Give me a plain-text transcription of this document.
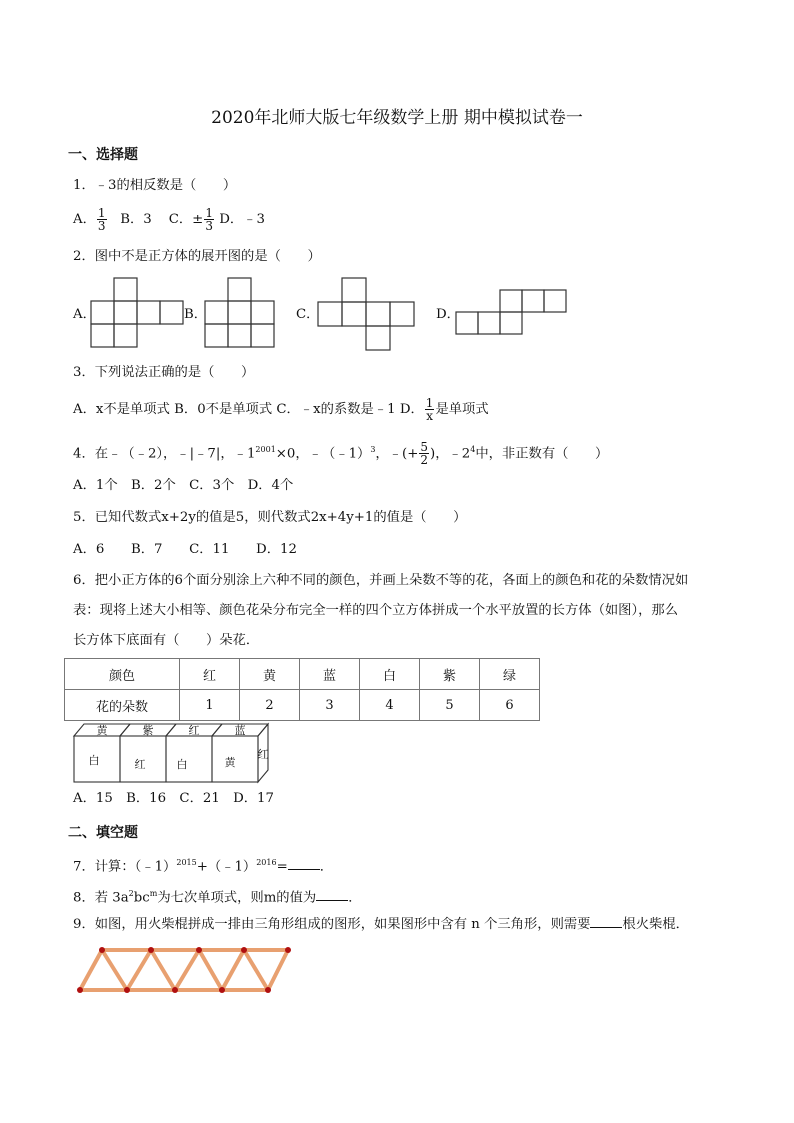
2020年北师大版七年级数学上册 期中模拟试卷一
一、选择题
1．﹣3的相反数是（　　）
A． $\frac{1}{3}$ B．3 C．± $\frac{1}{3}$ D．﹣3
2．图中不是正方体的展开图的是（　　）
A．	B．	C．	D．
3．下列说法正确的是（　　）
A．x不是单项式 B．0不是单项式 C．﹣x的系数是﹣1 D． $\frac{1}{x}$ 是单项式
4．在﹣（﹣2），﹣|﹣7|，$﹣1^{2001}\times 0$，﹣（﹣1）$^3$，﹣(+ $\frac{5}{2}$ )，$﹣2^4$中，非正数有（　　）
A．1个　B．2个　C．3个　D．4个
5．已知代数式x+2y的值是5，则代数式2x+4y+1的值是（　　）
A．6　　B．7　　C．11　　D．12
6．把小正方体的6个面分别涂上六种不同的颜色，并画上朵数不等的花，各面上的颜色和花的朵数情况如
表：现将上述大小相等、颜色花朵分布完全一样的四个立方体拼成一个水平放置的长方体（如图），那么
长方体下底面有（　　）朵花．
颜色	红	黄	蓝	白	紫	绿
花的朵数	1	2	3	4	5	6
黄	紫	红	蓝
白	红	白	黄
红
A．15　B．16　C．21　D．17
二、填空题
7．计算：（﹣1）$^{2015}$+（﹣1）$^{2016}$= ．
8．若 $3a^2bc^m$为七次单项式，则m的值为 ．
9．如图，用火柴棍拼成一排由三角形组成的图形，如果图形中含有 n 个三角形，则需要 根火柴棍．
